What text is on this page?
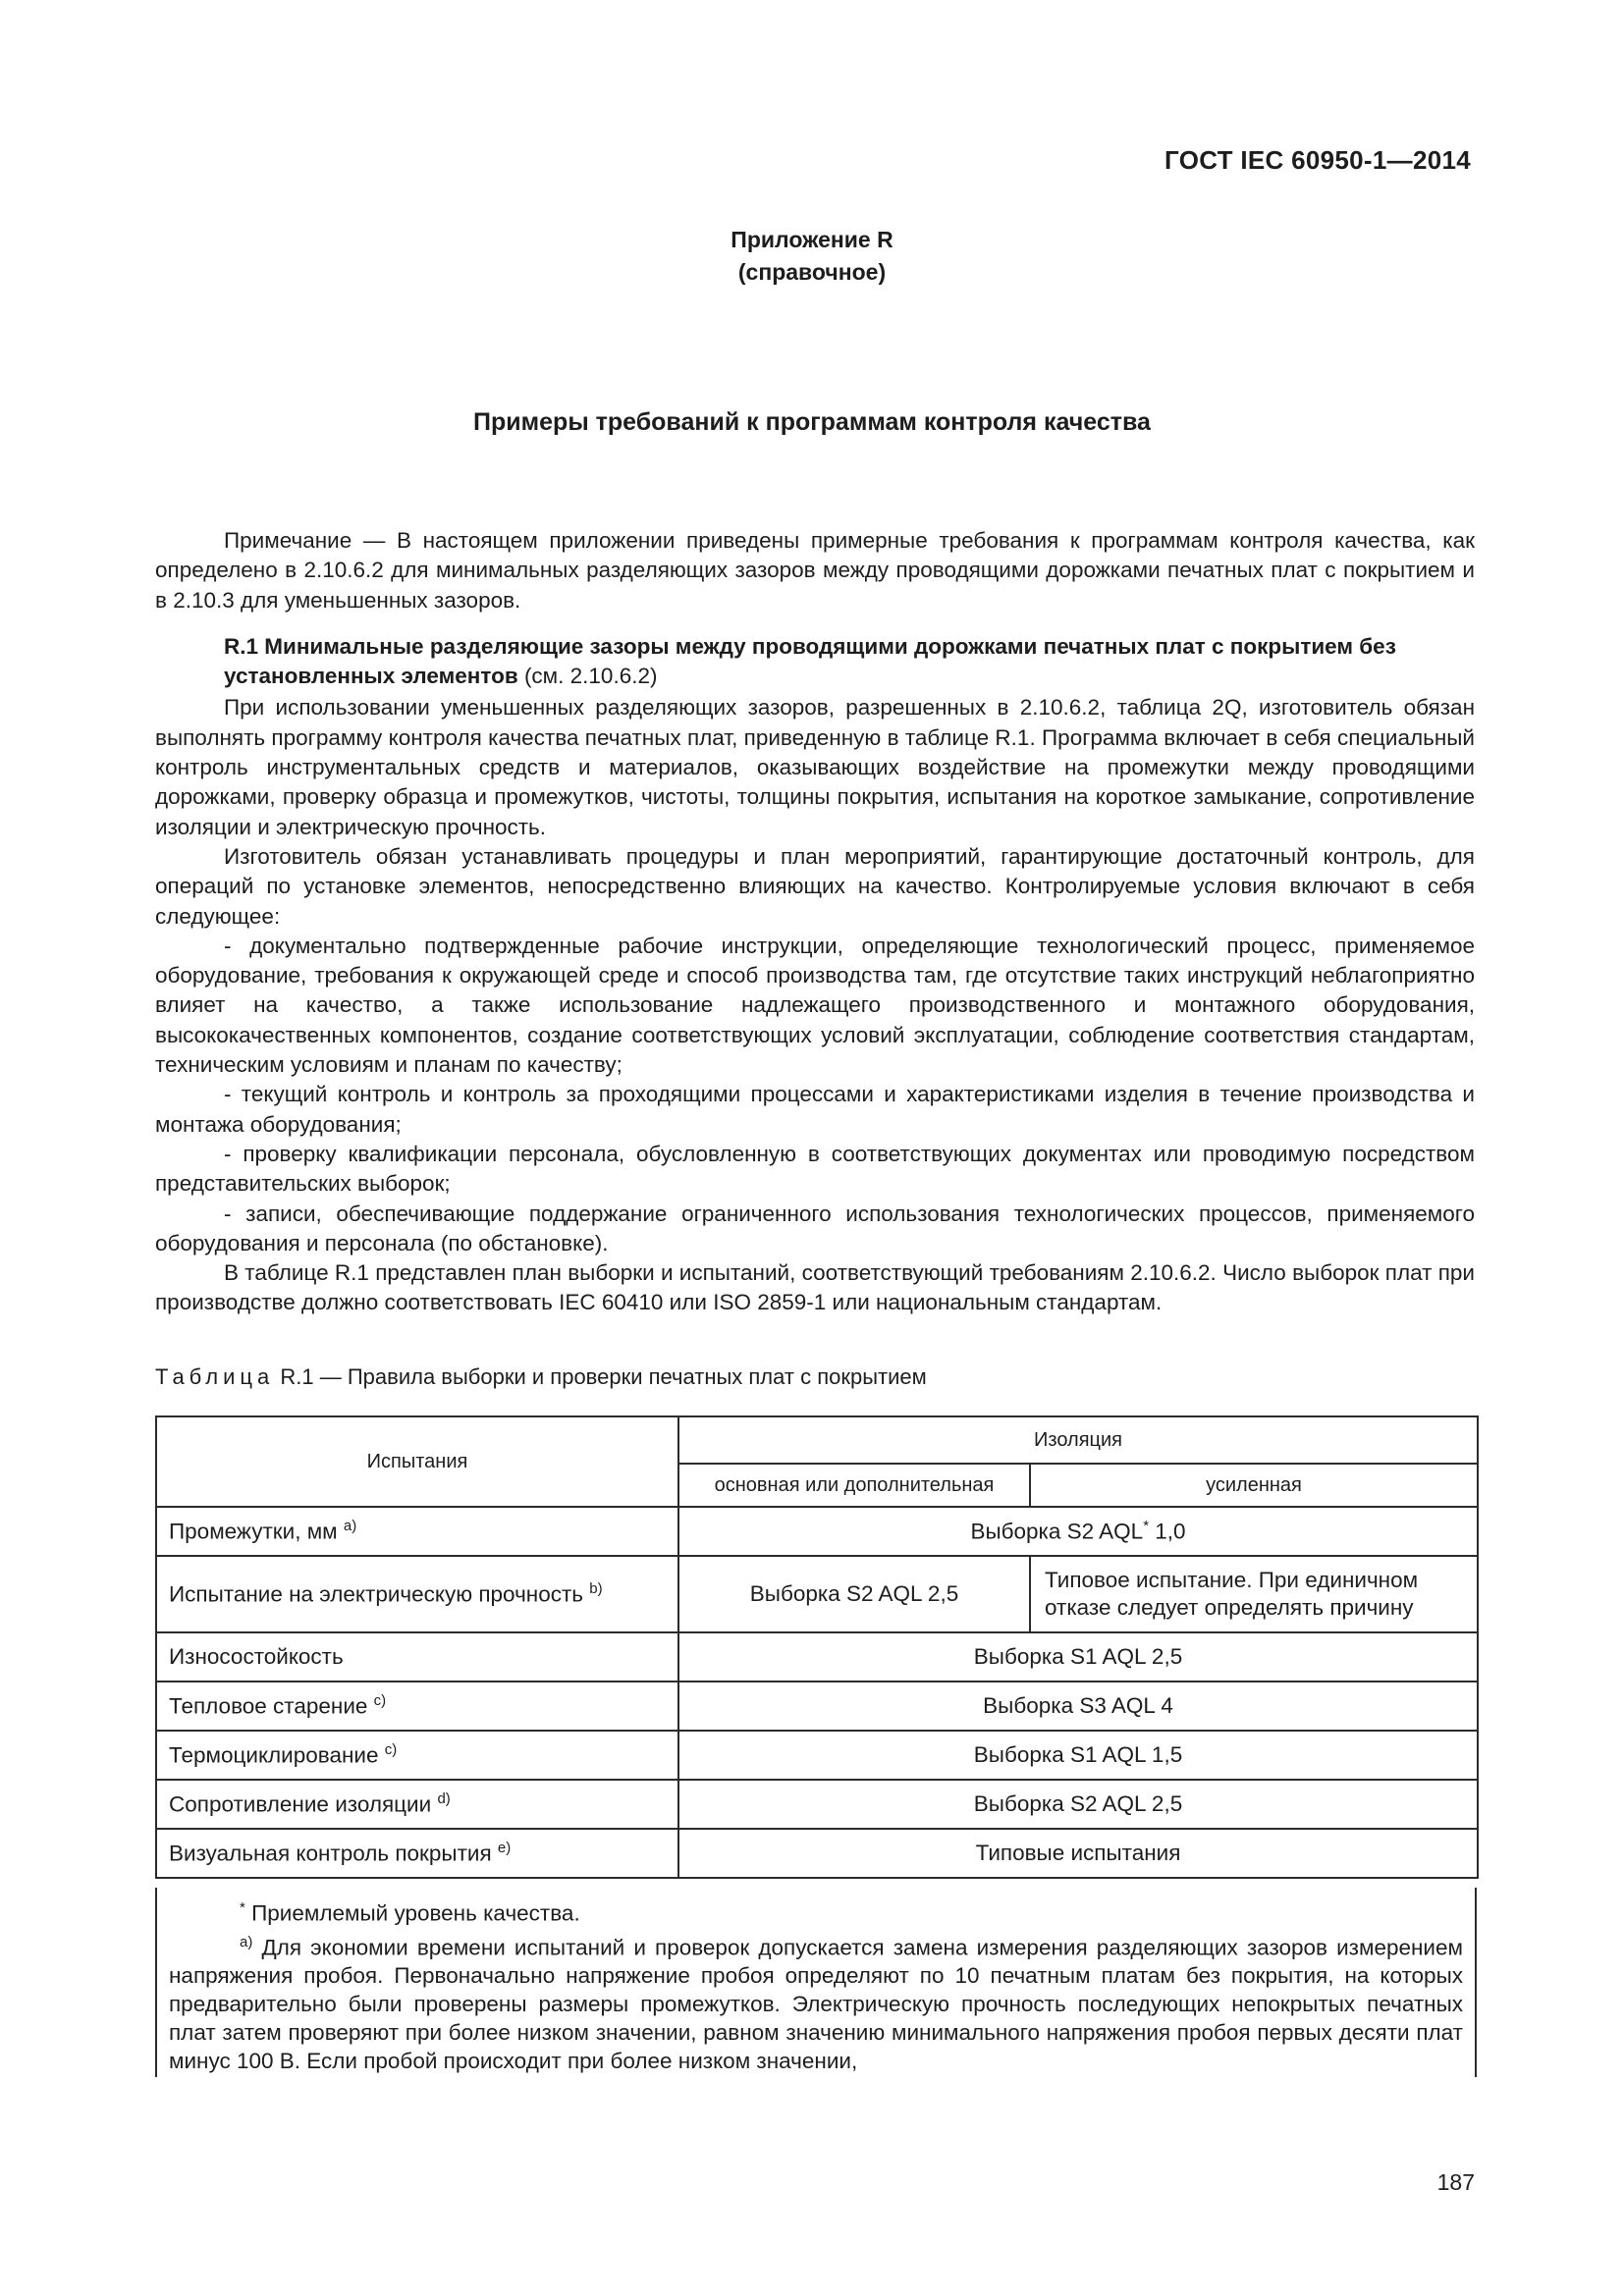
ГОСТ IEC 60950-1—2014
Приложение R
(справочное)
Примеры требований к программам контроля качества

Примечание — В настоящем приложении приведены примерные требования к программам контроля качества, как определено в 2.10.6.2 для минимальных разделяющих зазоров между проводящими дорожками печатных плат с покрытием и в 2.10.3 для уменьшенных зазоров.

R.1 Минимальные разделяющие зазоры между проводящими дорожками печатных плат с покрытием без установленных элементов (см. 2.10.6.2)

При использовании уменьшенных разделяющих зазоров, разрешенных в 2.10.6.2, таблица 2Q, изготовитель обязан выполнять программу контроля качества печатных плат, приведенную в таблице R.1. Программа включает в себя специальный контроль инструментальных средств и материалов, оказывающих воздействие на промежутки между проводящими дорожками, проверку образца и промежутков, чистоты, толщины покрытия, испытания на короткое замыкание, сопротивление изоляции и электрическую прочность.

Изготовитель обязан устанавливать процедуры и план мероприятий, гарантирующие достаточный контроль, для операций по установке элементов, непосредственно влияющих на качество. Контролируемые условия включают в себя следующее:

- документально подтвержденные рабочие инструкции, определяющие технологический процесс, применяемое оборудование, требования к окружающей среде и способ производства там, где отсутствие таких инструкций неблагоприятно влияет на качество, а также использование надлежащего производственного и монтажного оборудования, высококачественных компонентов, создание соответствующих условий эксплуатации, соблюдение соответствия стандартам, техническим условиям и планам по качеству;

- текущий контроль и контроль за проходящими процессами и характеристиками изделия в течение производства и монтажа оборудования;

- проверку квалификации персонала, обусловленную в соответствующих документах или проводимую посредством представительских выборок;

- записи, обеспечивающие поддержание ограниченного использования технологических процессов, применяемого оборудования и персонала (по обстановке).

В таблице R.1 представлен план выборки и испытаний, соответствующий требованиям 2.10.6.2. Число выборок плат при производстве должно соответствовать IEC 60410 или ISO 2859-1 или национальным стандартам.

Таблица R.1 — Правила выборки и проверки печатных плат с покрытием
Испытания	Изоляция	
	основная или дополнительная	усиленная
Промежутки, мм $^{a)}$	Выборка S2 AQL* 1,0	
Испытание на электрическую прочность $^{b)}$	Выборка S2 AQL 2,5	Типовое испытание. При единичном отказе следует определять причину
Износостойкость	Выборка S1 AQL 2,5	
Тепловое старение $^{c)}$	Выборка S3 AQL 4	
Термоциклирование $^{c)}$	Выборка S1 AQL 1,5	
Сопротивление изоляции $^{d)}$	Выборка S2 AQL 2,5	
Визуальная контроль покрытия $^{e)}$	Типовые испытания	

* Приемлемый уровень качества.

$^{a)}$ Для экономии времени испытаний и проверок допускается замена измерения разделяющих зазоров измерением напряжения пробоя. Первоначально напряжение пробоя определяют по 10 печатным платам без покрытия, на которых предварительно были проверены размеры промежутков. Электрическую прочность последующих непокрытых печатных плат затем проверяют при более низком значении, равном значению минимального напряжения пробоя первых десяти плат минус 100 В. Если пробой происходит при более низком значении,

187
